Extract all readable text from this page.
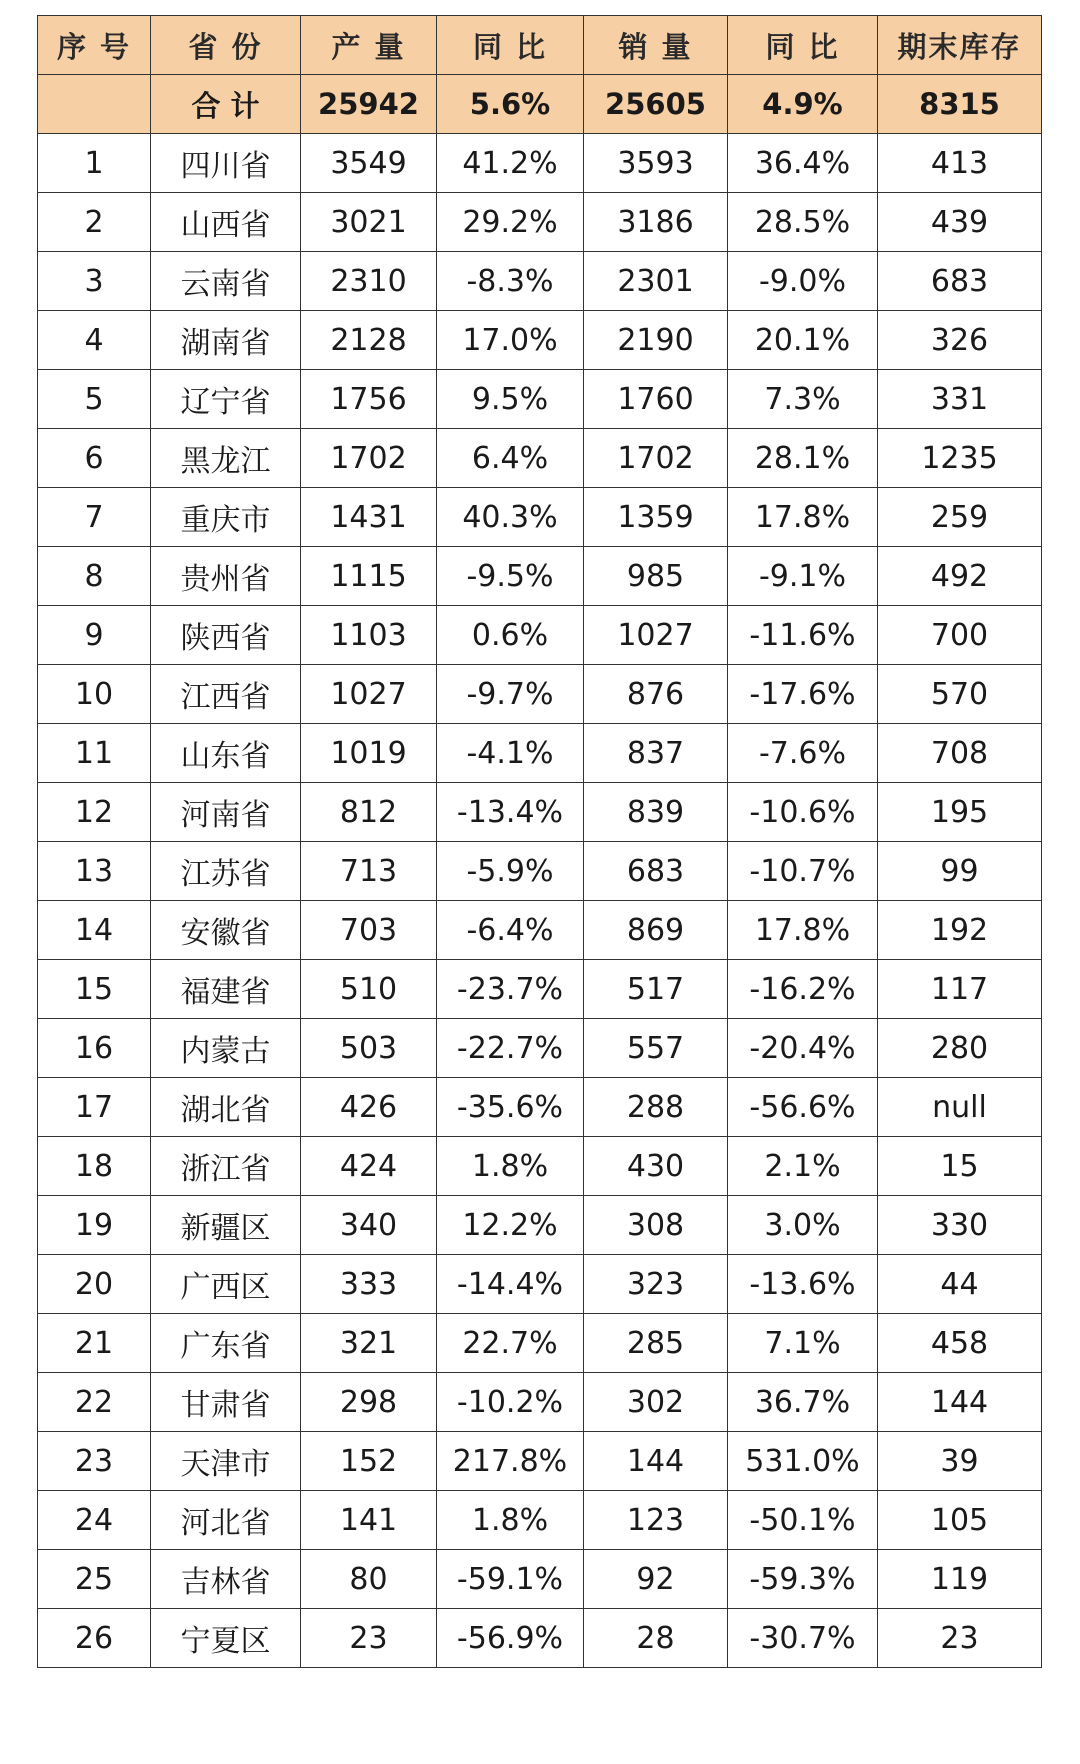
序 号	省 份	产 量	同 比	销 量	同 比	期末库存
	合 计	25942	5.6%	25605	4.9%	8315
1	四川省	3549	41.2%	3593	36.4%	413
2	山西省	3021	29.2%	3186	28.5%	439
3	云南省	2310	-8.3%	2301	-9.0%	683
4	湖南省	2128	17.0%	2190	20.1%	326
5	辽宁省	1756	9.5%	1760	7.3%	331
6	黑龙江	1702	6.4%	1702	28.1%	1235
7	重庆市	1431	40.3%	1359	17.8%	259
8	贵州省	1115	-9.5%	985	-9.1%	492
9	陕西省	1103	0.6%	1027	-11.6%	700
10	江西省	1027	-9.7%	876	-17.6%	570
11	山东省	1019	-4.1%	837	-7.6%	708
12	河南省	812	-13.4%	839	-10.6%	195
13	江苏省	713	-5.9%	683	-10.7%	99
14	安徽省	703	-6.4%	869	17.8%	192
15	福建省	510	-23.7%	517	-16.2%	117
16	内蒙古	503	-22.7%	557	-20.4%	280
17	湖北省	426	-35.6%	288	-56.6%	null
18	浙江省	424	1.8%	430	2.1%	15
19	新疆区	340	12.2%	308	3.0%	330
20	广西区	333	-14.4%	323	-13.6%	44
21	广东省	321	22.7%	285	7.1%	458
22	甘肃省	298	-10.2%	302	36.7%	144
23	天津市	152	217.8%	144	531.0%	39
24	河北省	141	1.8%	123	-50.1%	105
25	吉林省	80	-59.1%	92	-59.3%	119
26	宁夏区	23	-56.9%	28	-30.7%	23
